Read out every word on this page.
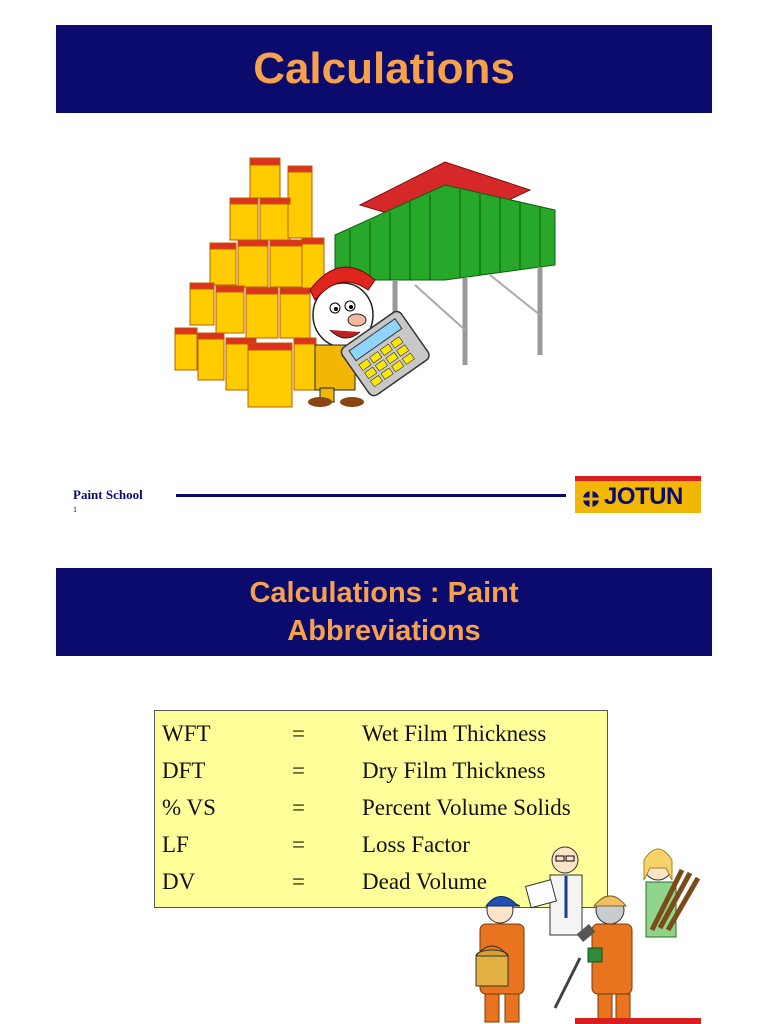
Calculations
Paint School
1	JOTUN
Calculations : Paint
Abbreviations
WFT	=	Wet Film Thickness
DFT	=	Dry Film Thickness
% VS	=	Percent Volume Solids
LF	=	Loss Factor
DV	=	Dead Volume
